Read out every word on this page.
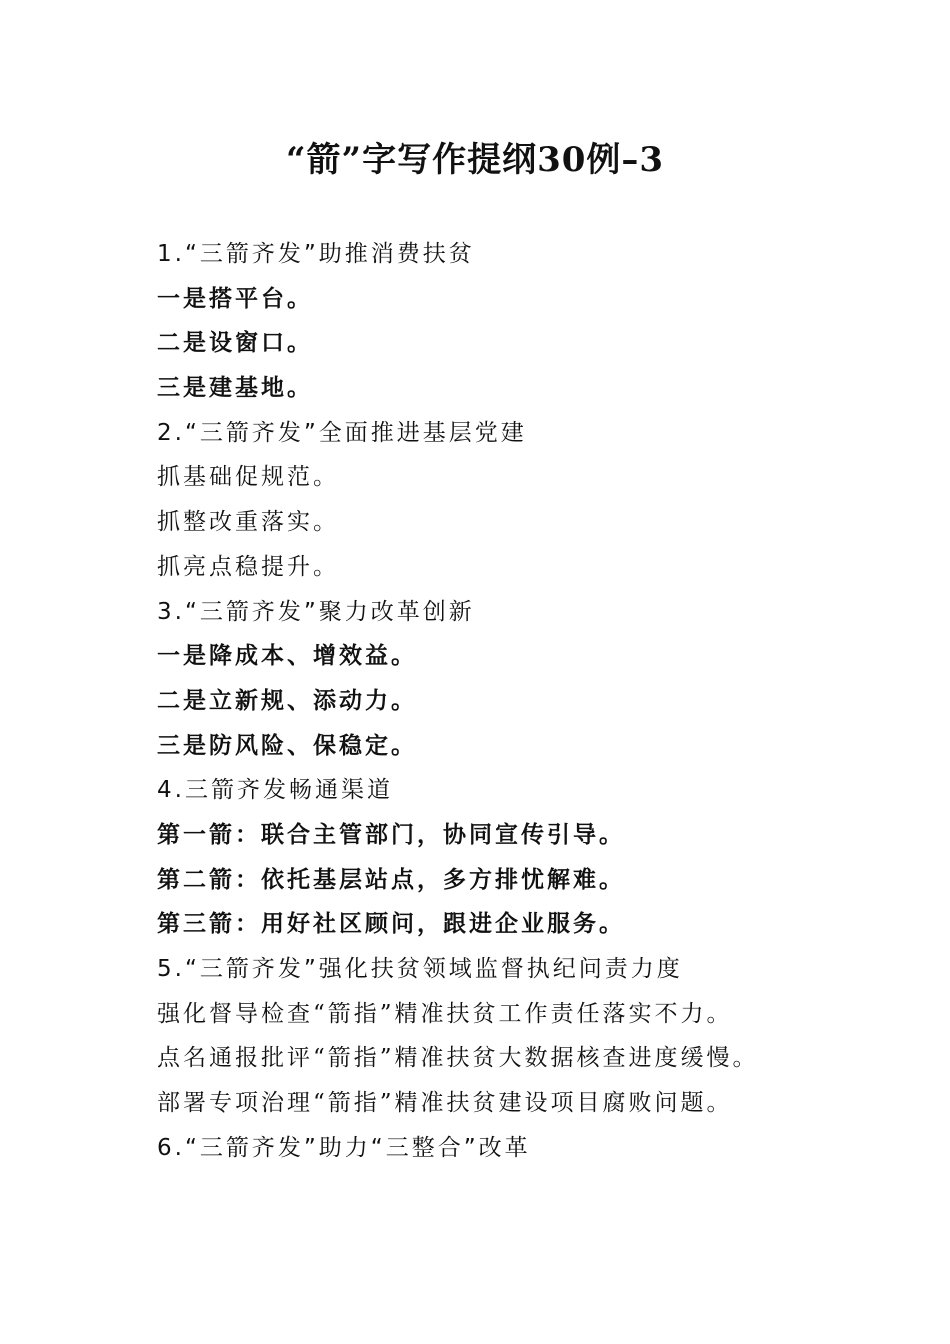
“箭”字写作提纲30例–3
1.“三箭齐发”助推消费扶贫
一是搭平台。
二是设窗口。
三是建基地。
2.“三箭齐发”全面推进基层党建
抓基础促规范。
抓整改重落实。
抓亮点稳提升。
3.“三箭齐发”聚力改革创新
一是降成本、增效益。
二是立新规、添动力。
三是防风险、保稳定。
4.三箭齐发畅通渠道
第一箭：联合主管部门，协同宣传引导。
第二箭：依托基层站点，多方排忧解难。
第三箭：用好社区顾问，跟进企业服务。
5.“三箭齐发”强化扶贫领域监督执纪问责力度
强化督导检查“箭指”精准扶贫工作责任落实不力。
点名通报批评“箭指”精准扶贫大数据核查进度缓慢。
部署专项治理“箭指”精准扶贫建设项目腐败问题。
6.“三箭齐发”助力“三整合”改革
